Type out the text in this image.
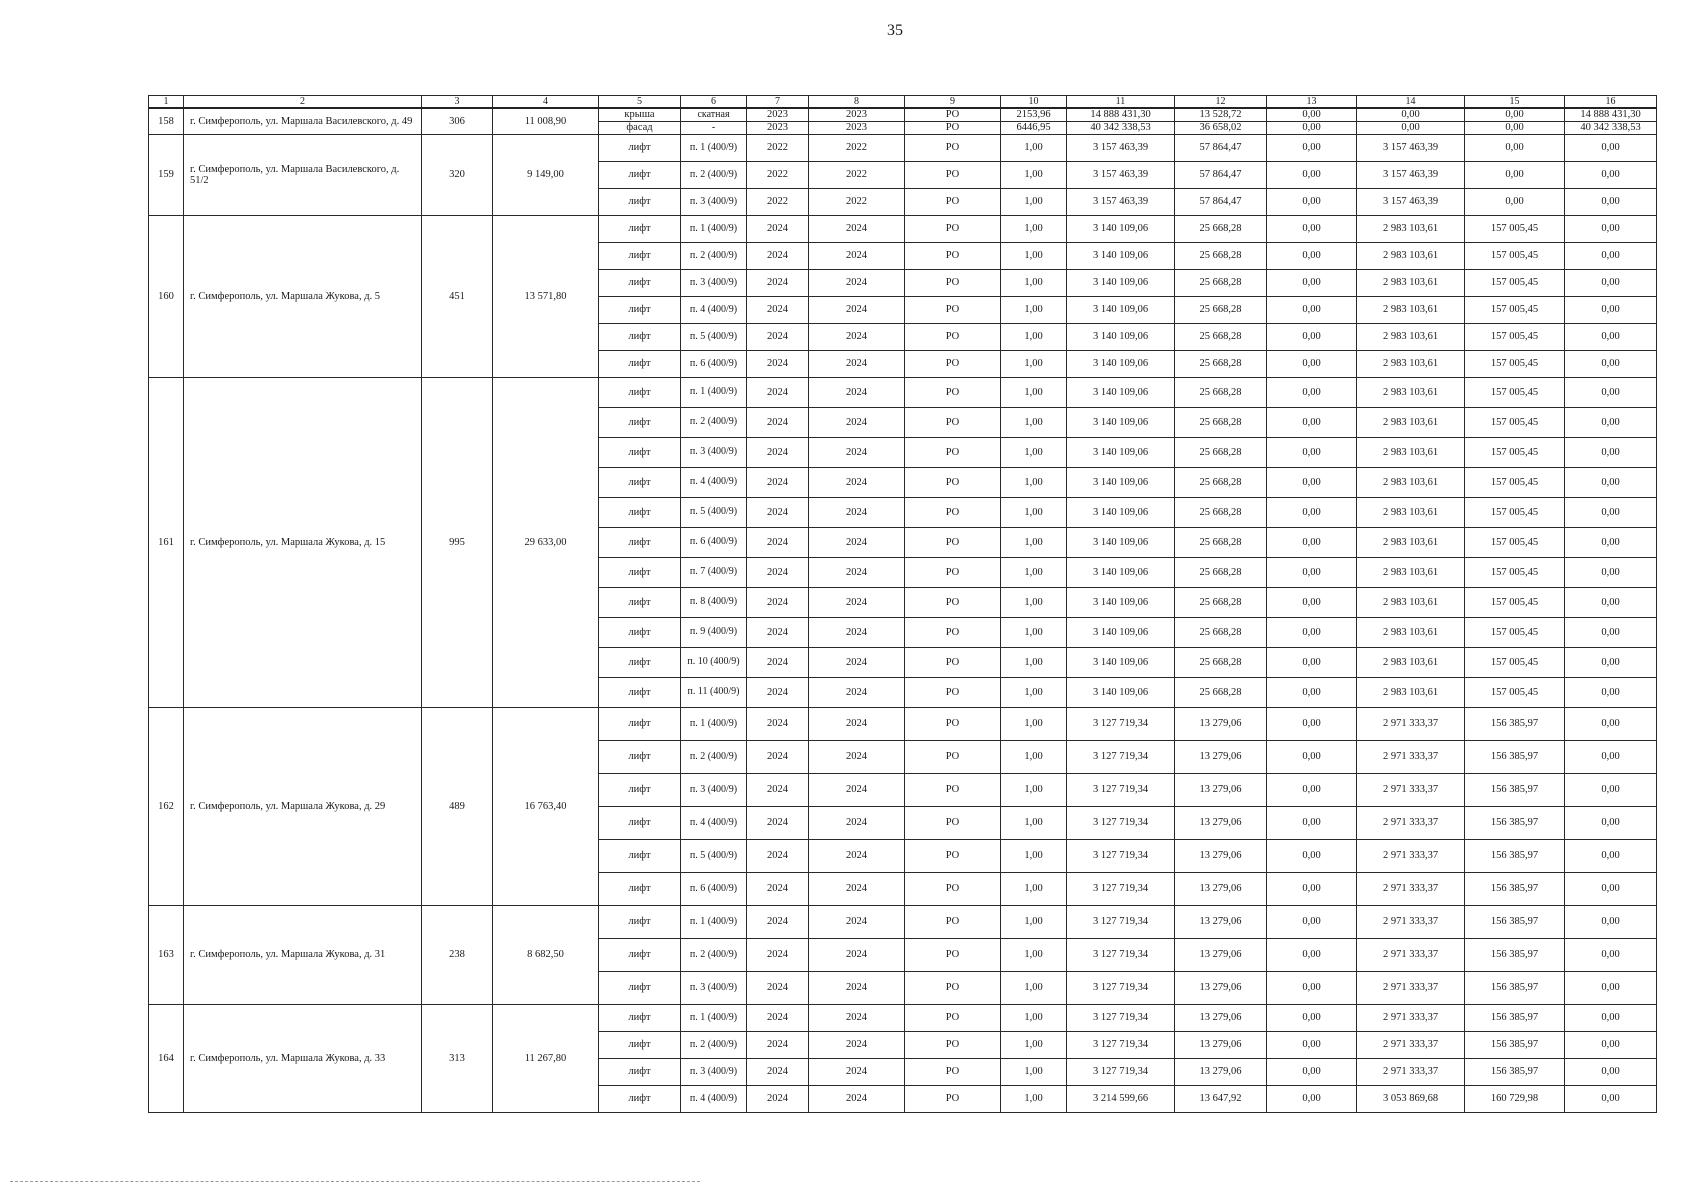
35
1	2	3	4	5	6	7	8	9	10	11	12	13	14	15	16
158	г. Симферополь, ул. Маршала Василевского, д. 49	306	11 008,90	крыша	скатная	2023	2023	РО	2153,96	14 888 431,30	13 528,72	0,00	0,00	0,00	14 888 431,30
				фасад	-	2023	2023	РО	6446,95	40 342 338,53	36 658,02	0,00	0,00	0,00	40 342 338,53
159	г. Симферополь, ул. Маршала Василевского, д. 51/2	320	9 149,00	лифт	п. 1 (400/9)	2022	2022	РО	1,00	3 157 463,39	57 864,47	0,00	3 157 463,39	0,00	0,00
				лифт	п. 2 (400/9)	2022	2022	РО	1,00	3 157 463,39	57 864,47	0,00	3 157 463,39	0,00	0,00
				лифт	п. 3 (400/9)	2022	2022	РО	1,00	3 157 463,39	57 864,47	0,00	3 157 463,39	0,00	0,00
160	г. Симферополь, ул. Маршала Жукова, д. 5	451	13 571,80	лифт	п. 1 (400/9)	2024	2024	РО	1,00	3 140 109,06	25 668,28	0,00	2 983 103,61	157 005,45	0,00
				лифт	п. 2 (400/9)	2024	2024	РО	1,00	3 140 109,06	25 668,28	0,00	2 983 103,61	157 005,45	0,00
				лифт	п. 3 (400/9)	2024	2024	РО	1,00	3 140 109,06	25 668,28	0,00	2 983 103,61	157 005,45	0,00
				лифт	п. 4 (400/9)	2024	2024	РО	1,00	3 140 109,06	25 668,28	0,00	2 983 103,61	157 005,45	0,00
				лифт	п. 5 (400/9)	2024	2024	РО	1,00	3 140 109,06	25 668,28	0,00	2 983 103,61	157 005,45	0,00
				лифт	п. 6 (400/9)	2024	2024	РО	1,00	3 140 109,06	25 668,28	0,00	2 983 103,61	157 005,45	0,00
161	г. Симферополь, ул. Маршала Жукова, д. 15	995	29 633,00	лифт	п. 1 (400/9)	2024	2024	РО	1,00	3 140 109,06	25 668,28	0,00	2 983 103,61	157 005,45	0,00
				лифт	п. 2 (400/9)	2024	2024	РО	1,00	3 140 109,06	25 668,28	0,00	2 983 103,61	157 005,45	0,00
				лифт	п. 3 (400/9)	2024	2024	РО	1,00	3 140 109,06	25 668,28	0,00	2 983 103,61	157 005,45	0,00
				лифт	п. 4 (400/9)	2024	2024	РО	1,00	3 140 109,06	25 668,28	0,00	2 983 103,61	157 005,45	0,00
				лифт	п. 5 (400/9)	2024	2024	РО	1,00	3 140 109,06	25 668,28	0,00	2 983 103,61	157 005,45	0,00
				лифт	п. 6 (400/9)	2024	2024	РО	1,00	3 140 109,06	25 668,28	0,00	2 983 103,61	157 005,45	0,00
				лифт	п. 7 (400/9)	2024	2024	РО	1,00	3 140 109,06	25 668,28	0,00	2 983 103,61	157 005,45	0,00
				лифт	п. 8 (400/9)	2024	2024	РО	1,00	3 140 109,06	25 668,28	0,00	2 983 103,61	157 005,45	0,00
				лифт	п. 9 (400/9)	2024	2024	РО	1,00	3 140 109,06	25 668,28	0,00	2 983 103,61	157 005,45	0,00
				лифт	п. 10 (400/9)	2024	2024	РО	1,00	3 140 109,06	25 668,28	0,00	2 983 103,61	157 005,45	0,00
				лифт	п. 11 (400/9)	2024	2024	РО	1,00	3 140 109,06	25 668,28	0,00	2 983 103,61	157 005,45	0,00
162	г. Симферополь, ул. Маршала Жукова, д. 29	489	16 763,40	лифт	п. 1 (400/9)	2024	2024	РО	1,00	3 127 719,34	13 279,06	0,00	2 971 333,37	156 385,97	0,00
				лифт	п. 2 (400/9)	2024	2024	РО	1,00	3 127 719,34	13 279,06	0,00	2 971 333,37	156 385,97	0,00
				лифт	п. 3 (400/9)	2024	2024	РО	1,00	3 127 719,34	13 279,06	0,00	2 971 333,37	156 385,97	0,00
				лифт	п. 4 (400/9)	2024	2024	РО	1,00	3 127 719,34	13 279,06	0,00	2 971 333,37	156 385,97	0,00
				лифт	п. 5 (400/9)	2024	2024	РО	1,00	3 127 719,34	13 279,06	0,00	2 971 333,37	156 385,97	0,00
				лифт	п. 6 (400/9)	2024	2024	РО	1,00	3 127 719,34	13 279,06	0,00	2 971 333,37	156 385,97	0,00
163	г. Симферополь, ул. Маршала Жукова, д. 31	238	8 682,50	лифт	п. 1 (400/9)	2024	2024	РО	1,00	3 127 719,34	13 279,06	0,00	2 971 333,37	156 385,97	0,00
				лифт	п. 2 (400/9)	2024	2024	РО	1,00	3 127 719,34	13 279,06	0,00	2 971 333,37	156 385,97	0,00
				лифт	п. 3 (400/9)	2024	2024	РО	1,00	3 127 719,34	13 279,06	0,00	2 971 333,37	156 385,97	0,00
164	г. Симферополь, ул. Маршала Жукова, д. 33	313	11 267,80	лифт	п. 1 (400/9)	2024	2024	РО	1,00	3 127 719,34	13 279,06	0,00	2 971 333,37	156 385,97	0,00
				лифт	п. 2 (400/9)	2024	2024	РО	1,00	3 127 719,34	13 279,06	0,00	2 971 333,37	156 385,97	0,00
				лифт	п. 3 (400/9)	2024	2024	РО	1,00	3 127 719,34	13 279,06	0,00	2 971 333,37	156 385,97	0,00
				лифт	п. 4 (400/9)	2024	2024	РО	1,00	3 214 599,66	13 647,92	0,00	3 053 869,68	160 729,98	0,00
